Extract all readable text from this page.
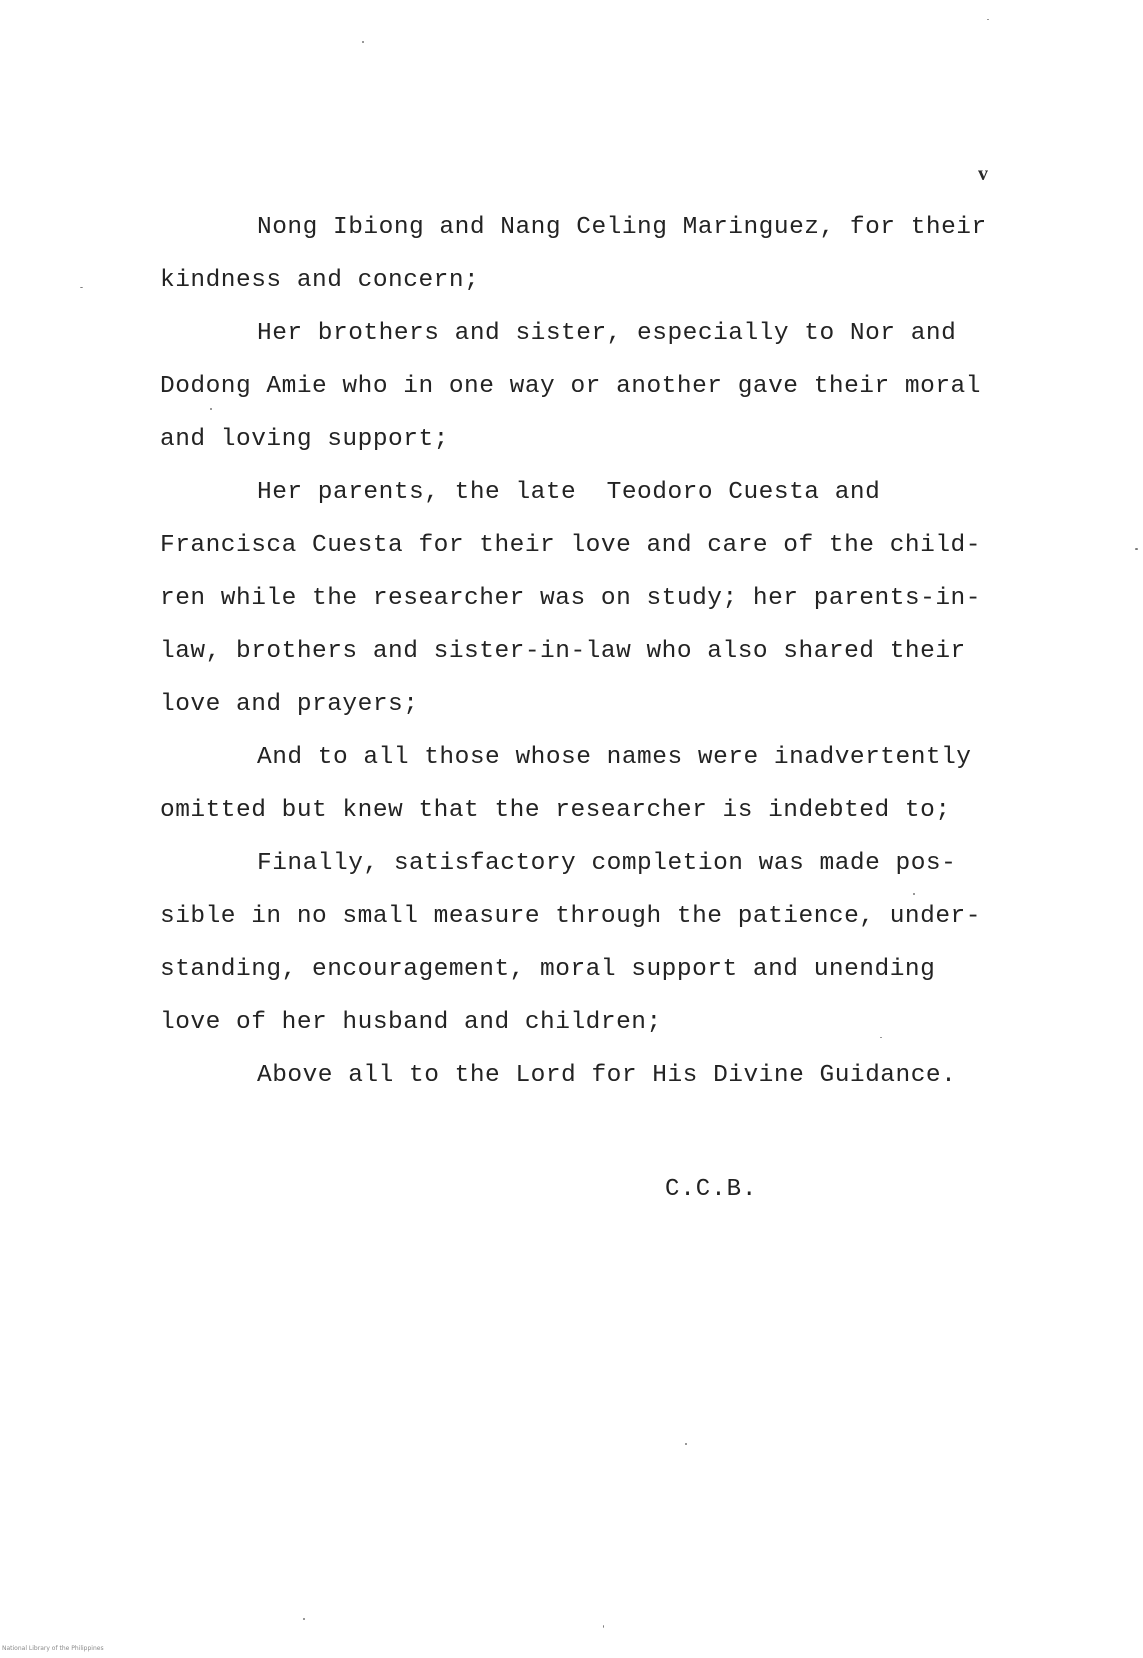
v
Nong Ibiong and Nang Celing Maringuez, for their
kindness and concern;
Her brothers and sister, especially to Nor and
Dodong Amie who in one way or another gave their moral
and loving support;
Her parents, the late  Teodoro Cuesta and
Francisca Cuesta for their love and care of the child-
ren while the researcher was on study; her parents-in-
law, brothers and sister-in-law who also shared their
love and prayers;
And to all those whose names were inadvertently
omitted but knew that the researcher is indebted to;
Finally, satisfactory completion was made pos-
sible in no small measure through the patience, under-
standing, encouragement, moral support and unending
love of her husband and children;
Above all to the Lord for His Divine Guidance.
C.C.B.
National Library of the Philippines
